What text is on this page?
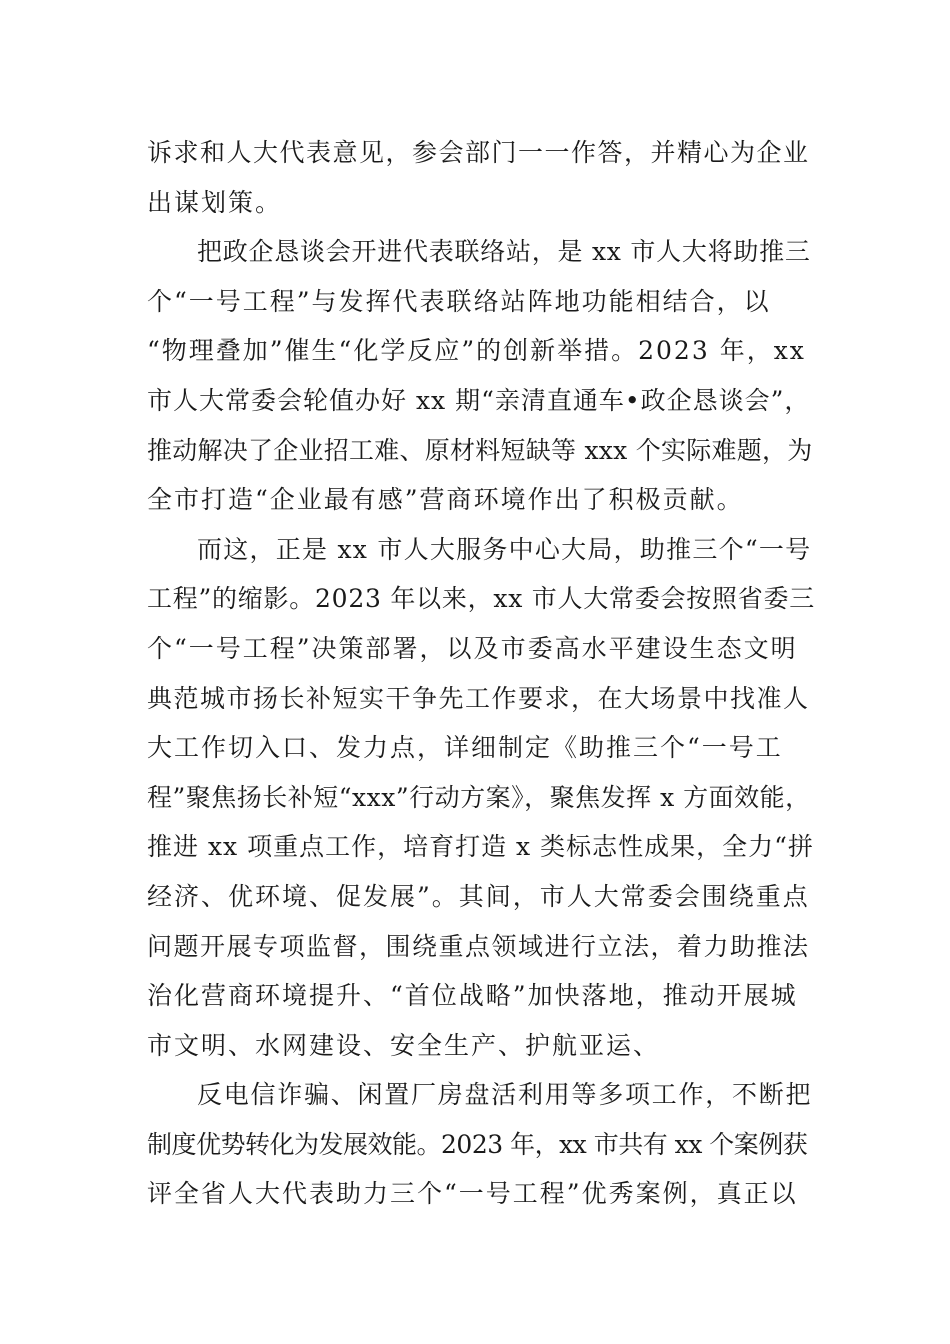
诉求和人大代表意见，参会部门一一作答，并精心为企业
出谋划策。

把政企恳谈会开进代表联络站，是 xx 市人大将助推三
个“一号工程”与发挥代表联络站阵地功能相结合，以
“物理叠加”催生“化学反应”的创新举措。2023 年，xx
市人大常委会轮值办好 xx 期“亲清直通车•政企恳谈会”，
推动解决了企业招工难、原材料短缺等 xxx 个实际难题，为
全市打造“企业最有感”营商环境作出了积极贡献。

而这，正是 xx 市人大服务中心大局，助推三个“一号
工程”的缩影。2023 年以来，xx 市人大常委会按照省委三
个“一号工程”决策部署，以及市委高水平建设生态文明
典范城市扬长补短实干争先工作要求，在大场景中找准人
大工作切入口、发力点，详细制定《助推三个“一号工
程”聚焦扬长补短“xxx”行动方案》，聚焦发挥 x 方面效能，
推进 xx 项重点工作，培育打造 x 类标志性成果，全力“拼
经济、优环境、促发展”。其间，市人大常委会围绕重点
问题开展专项监督，围绕重点领域进行立法，着力助推法
治化营商环境提升、“首位战略”加快落地，推动开展城
市文明、水网建设、安全生产、护航亚运、

反电信诈骗、闲置厂房盘活利用等多项工作，不断把
制度优势转化为发展效能。2023 年，xx 市共有 xx 个案例获
评全省人大代表助力三个“一号工程”优秀案例，真正以
